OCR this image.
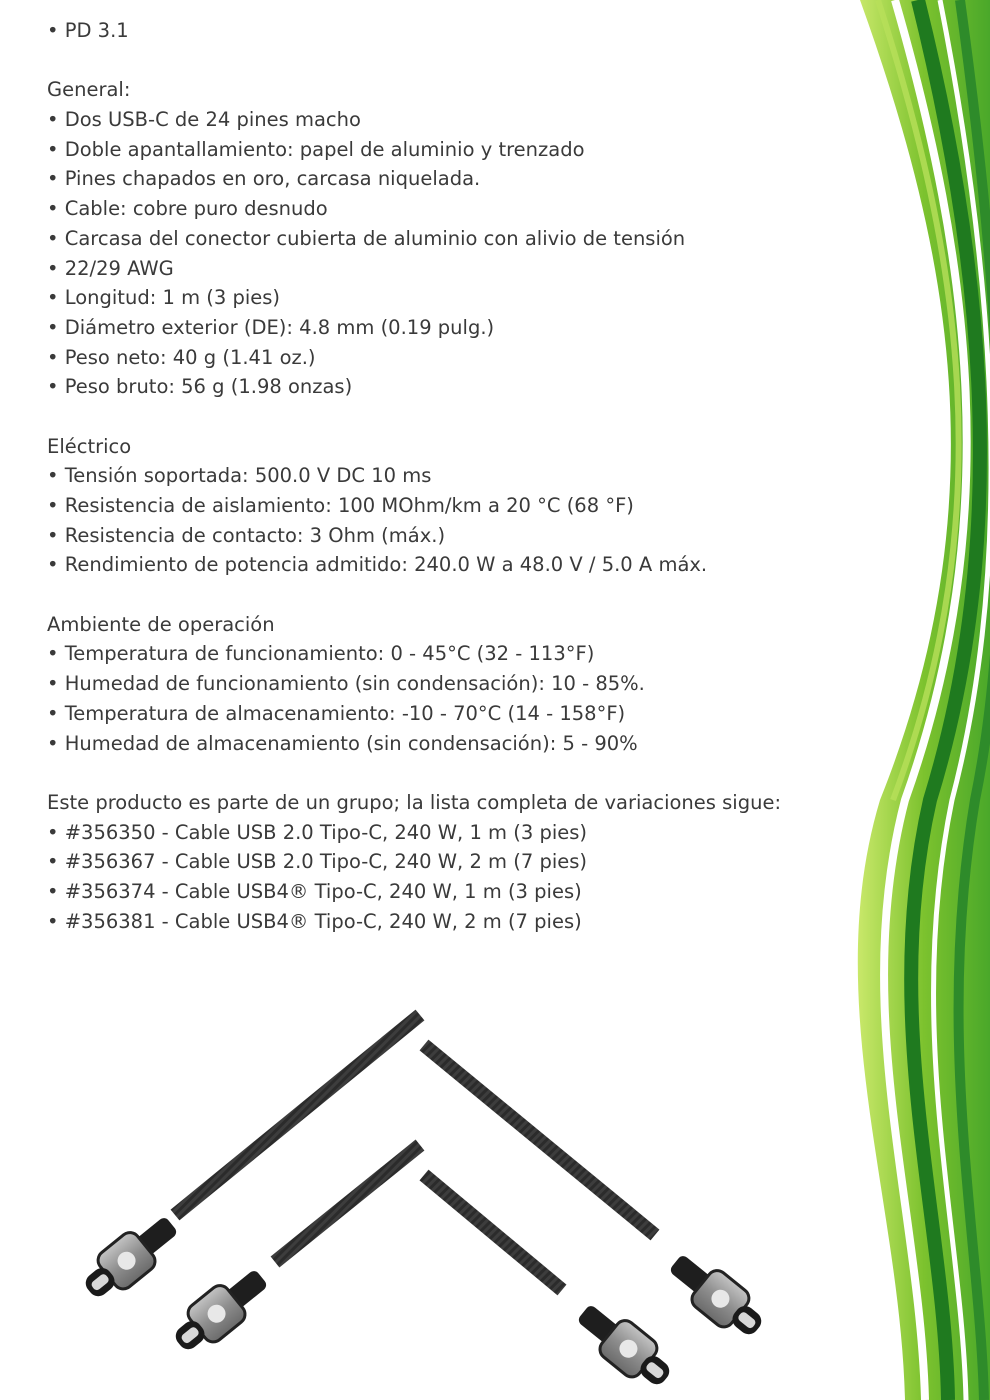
• PD 3.1
General:
• Dos USB-C de 24 pines macho
• Doble apantallamiento: papel de aluminio y trenzado
• Pines chapados en oro, carcasa niquelada.
• Cable: cobre puro desnudo
• Carcasa del conector cubierta de aluminio con alivio de tensión
• 22/29 AWG
• Longitud: 1 m (3 pies)
• Diámetro exterior (DE): 4.8 mm (0.19 pulg.)
• Peso neto: 40 g (1.41 oz.)
• Peso bruto: 56 g (1.98 onzas)
Eléctrico
• Tensión soportada: 500.0 V DC 10 ms
• Resistencia de aislamiento: 100 MOhm/km a 20 °C (68 °F)
• Resistencia de contacto: 3 Ohm (máx.)
• Rendimiento de potencia admitido: 240.0 W a 48.0 V / 5.0 A máx.
Ambiente de operación
• Temperatura de funcionamiento: 0 - 45°C (32 - 113°F)
• Humedad de funcionamiento (sin condensación): 10 - 85%.
• Temperatura de almacenamiento: -10 - 70°C (14 - 158°F)
• Humedad de almacenamiento (sin condensación): 5 - 90%
Este producto es parte de un grupo; la lista completa de variaciones sigue:
• #356350 - Cable USB 2.0 Tipo-C, 240 W, 1 m (3 pies)
• #356367 - Cable USB 2.0 Tipo-C, 240 W, 2 m (7 pies)
• #356374 - Cable USB4® Tipo-C, 240 W, 1 m (3 pies)
• #356381 - Cable USB4® Tipo-C, 240 W, 2 m (7 pies)
